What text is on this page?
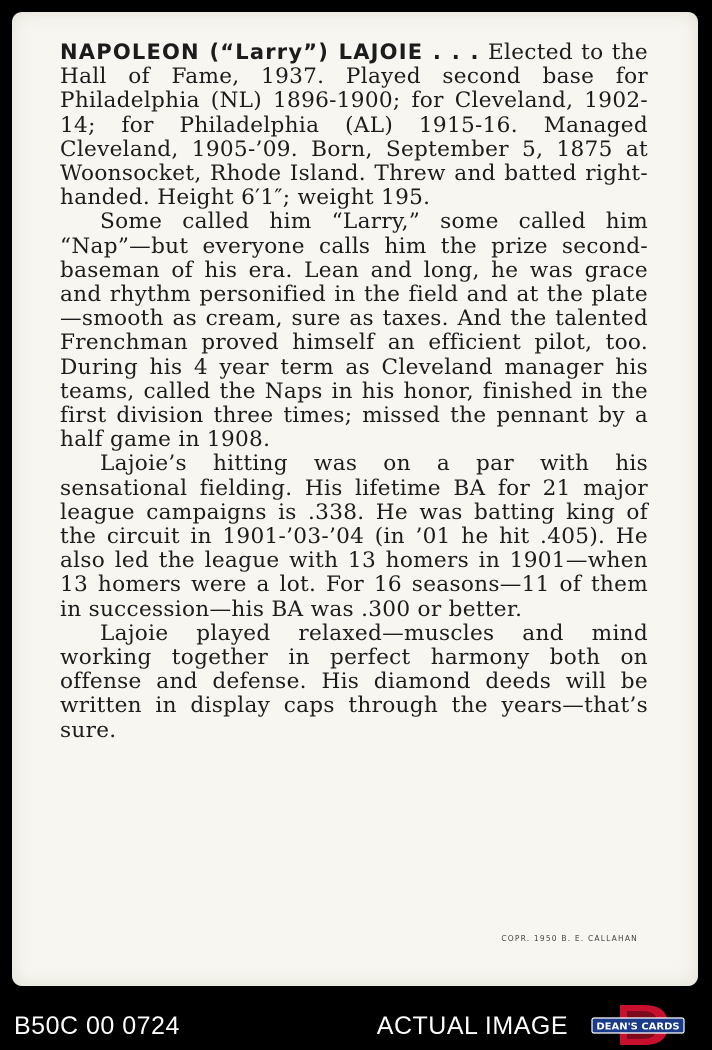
NAPOLEON (“Larry”) LAJOIE . . . Elected to the Hall of Fame, 1937. Played second base for Philadelphia (NL) 1896-1900; for Cleveland, 1902-14; for Philadelphia (AL) 1915-16. Managed Cleveland, 1905-’09. Born, September 5, 1875 at Woonsocket, Rhode Island. Threw and batted right-handed. Height 6′1″; weight 195.

Some called him “Larry,” some called him “Nap”—but everyone calls him the prize second-baseman of his era. Lean and long, he was grace and rhythm personified in the field and at the plate—smooth as cream, sure as taxes. And the talented Frenchman proved himself an efficient pilot, too. During his 4 year term as Cleveland manager his teams, called the Naps in his honor, finished in the first division three times; missed the pennant by a half game in 1908.

Lajoie’s hitting was on a par with his sensational fielding. His lifetime BA for 21 major league campaigns is .338. He was batting king of the circuit in 1901-’03-’04 (in ’01 he hit .405). He also led the league with 13 homers in 1901—when 13 homers were a lot. For 16 seasons—11 of them in succession—his BA was .300 or better.

Lajoie played relaxed—muscles and mind working together in perfect harmony both on offense and defense. His diamond deeds will be written in display caps through the years—that’s sure.

COPR. 1950 B. E. CALLAHAN
B50C 00 0724	ACTUAL IMAGE	DEAN'S CARDS
